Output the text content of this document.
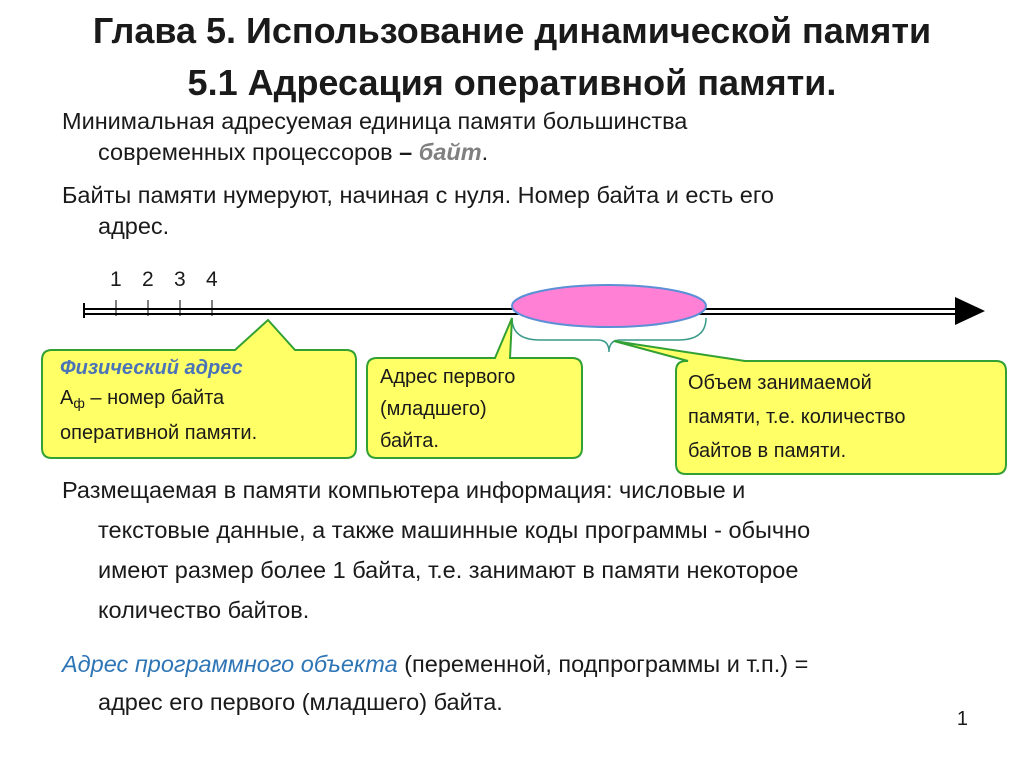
Глава 5. Использование динамической памяти
5.1 Адресация оперативной памяти.
Минимальная адресуемая единица памяти большинства
современных процессоров – байт.
Байты памяти нумеруют, начиная с нуля. Номер байта и есть его
адрес.
1 2 3 4
Физический адрес
$А_ф$ – номер байта
оперативной памяти.
Адрес первого
(младшего)
байта.
Объем занимаемой
памяти, т.е. количество
байтов в памяти.
Размещаемая в памяти компьютера информация: числовые и
текстовые данные, а также машинные коды программы - обычно
имеют размер более 1 байта, т.е. занимают в памяти некоторое
количество байтов.
Адрес программного объекта (переменной, подпрограммы и т.п.) =
адрес его первого (младшего) байта.
1
